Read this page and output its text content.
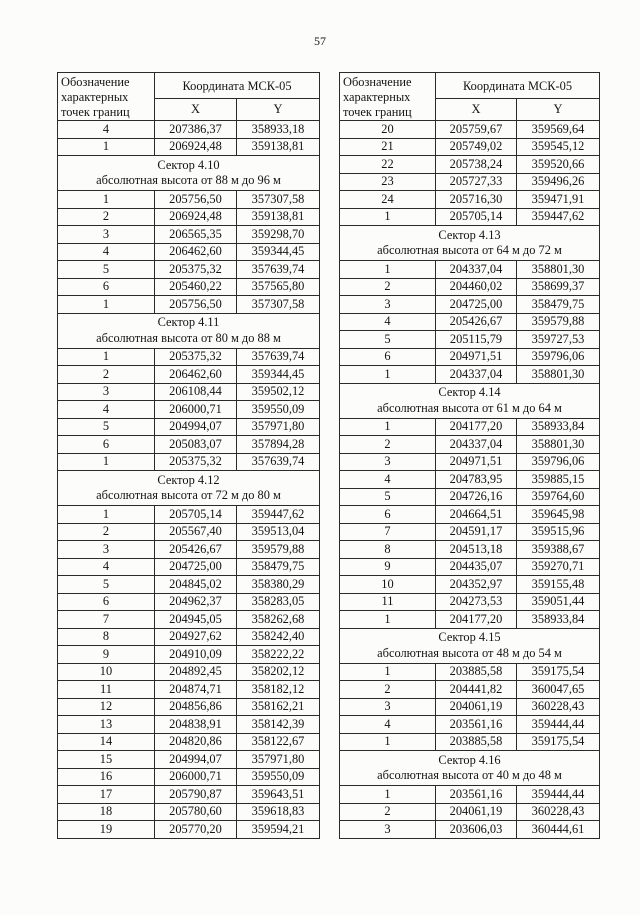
57
Обозначение характерных точек границ	Координата МСК-05	
	X	Y
4	207386,37	358933,18
1	206924,48	359138,81

Сектор 4.10
абсолютная высота от 88 м до 96 м		

1	205756,50	357307,58
2	206924,48	359138,81
3	206565,35	359298,70
4	206462,60	359344,45
5	205375,32	357639,74
6	205460,22	357565,80
1	205756,50	357307,58

Сектор 4.11
абсолютная высота от 80 м до 88 м		

1	205375,32	357639,74
2	206462,60	359344,45
3	206108,44	359502,12
4	206000,71	359550,09
5	204994,07	357971,80
6	205083,07	357894,28
1	205375,32	357639,74

Сектор 4.12
абсолютная высота от 72 м до 80 м		

1	205705,14	359447,62
2	205567,40	359513,04
3	205426,67	359579,88
4	204725,00	358479,75
5	204845,02	358380,29
6	204962,37	358283,05
7	204945,05	358262,68
8	204927,62	358242,40
9	204910,09	358222,22
10	204892,45	358202,12
11	204874,71	358182,12
12	204856,86	358162,21
13	204838,91	358142,39
14	204820,86	358122,67
15	204994,07	357971,80
16	206000,71	359550,09
17	205790,87	359643,51
18	205780,60	359618,83
19	205770,20	359594,21
Обозначение характерных точек границ	Координата МСК-05	
	X	Y
20	205759,67	359569,64
21	205749,02	359545,12
22	205738,24	359520,66
23	205727,33	359496,26
24	205716,30	359471,91
1	205705,14	359447,62

Сектор 4.13
абсолютная высота от 64 м до 72 м		

1	204337,04	358801,30
2	204460,02	358699,37
3	204725,00	358479,75
4	205426,67	359579,88
5	205115,79	359727,53
6	204971,51	359796,06
1	204337,04	358801,30

Сектор 4.14
абсолютная высота от 61 м до 64 м		

1	204177,20	358933,84
2	204337,04	358801,30
3	204971,51	359796,06
4	204783,95	359885,15
5	204726,16	359764,60
6	204664,51	359645,98
7	204591,17	359515,96
8	204513,18	359388,67
9	204435,07	359270,71
10	204352,97	359155,48
11	204273,53	359051,44
1	204177,20	358933,84

Сектор 4.15
абсолютная высота от 48 м до 54 м		

1	203885,58	359175,54
2	204441,82	360047,65
3	204061,19	360228,43
4	203561,16	359444,44
1	203885,58	359175,54

Сектор 4.16
абсолютная высота от 40 м до 48 м		

1	203561,16	359444,44
2	204061,19	360228,43
3	203606,03	360444,61
